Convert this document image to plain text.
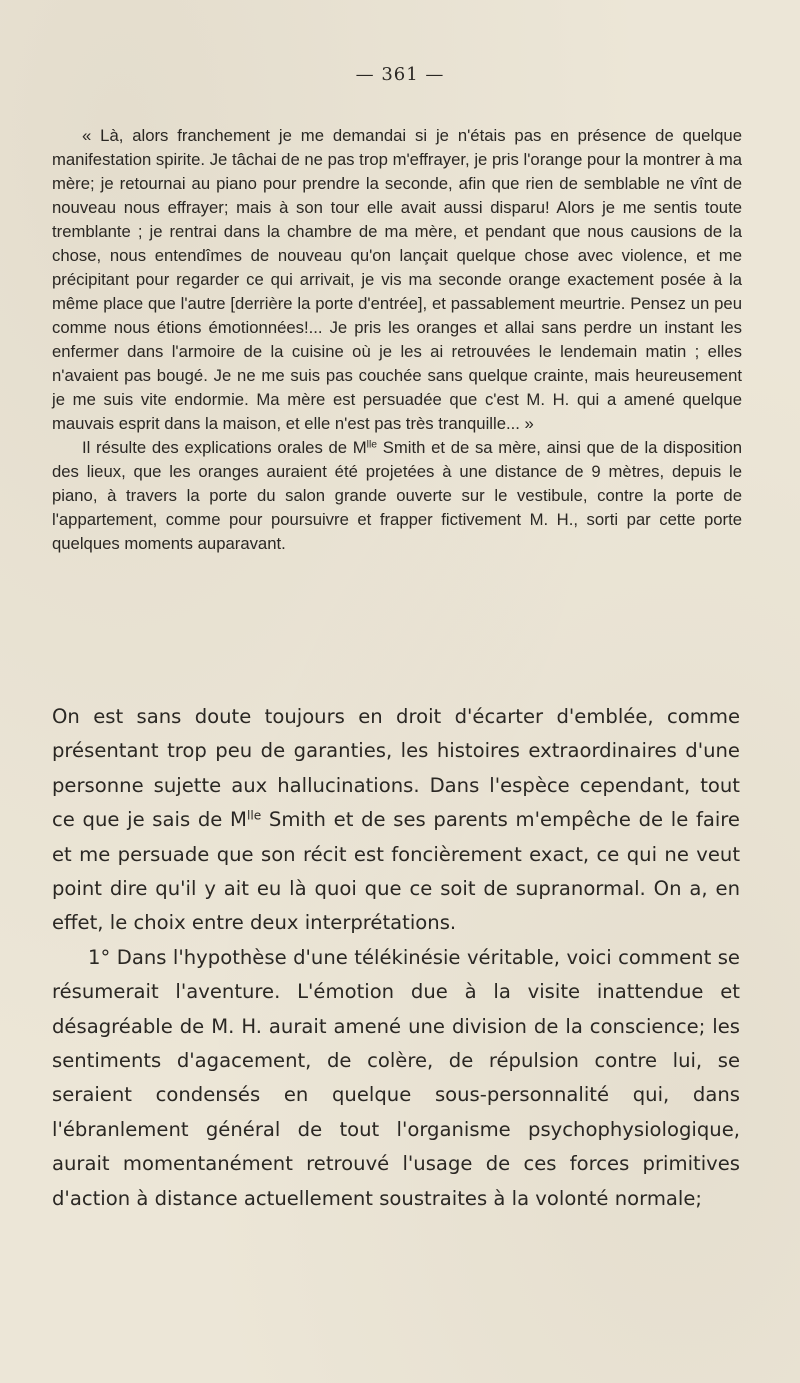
— 361 —

« Là, alors franchement je me demandai si je n'étais pas en présence de quelque manifestation spirite. Je tâchai de ne pas trop m'effrayer, je pris l'orange pour la montrer à ma mère; je retournai au piano pour prendre la seconde, afin que rien de semblable ne vînt de nouveau nous effrayer; mais à son tour elle avait aussi disparu! Alors je me sentis toute tremblante ; je rentrai dans la chambre de ma mère, et pendant que nous causions de la chose, nous entendîmes de nouveau qu'on lançait quelque chose avec violence, et me précipitant pour regarder ce qui arrivait, je vis ma seconde orange exactement posée à la même place que l'autre [derrière la porte d'entrée], et passablement meurtrie. Pensez un peu comme nous étions émotionnées!... Je pris les oranges et allai sans perdre un instant les enfermer dans l'armoire de la cuisine où je les ai retrouvées le lendemain matin ; elles n'avaient pas bougé. Je ne me suis pas couchée sans quelque crainte, mais heureusement je me suis vite endormie. Ma mère est persuadée que c'est M. H. qui a amené quelque mauvais esprit dans la maison, et elle n'est pas très tranquille... »

Il résulte des explications orales de $M^{lle}$ Smith et de sa mère, ainsi que de la disposition des lieux, que les oranges auraient été projetées à une distance de 9 mètres, depuis le piano, à travers la porte du salon grande ouverte sur le vestibule, contre la porte de l'appartement, comme pour poursuivre et frapper fictivement M. H., sorti par cette porte quelques moments auparavant.

On est sans doute toujours en droit d'écarter d'emblée, comme présentant trop peu de garanties, les histoires extraordinaires d'une personne sujette aux hallucinations. Dans l'espèce cependant, tout ce que je sais de $M^{lle}$ Smith et de ses parents m'empêche de le faire et me persuade que son récit est foncièrement exact, ce qui ne veut point dire qu'il y ait eu là quoi que ce soit de supranormal. On a, en effet, le choix entre deux interprétations.

1° Dans l'hypothèse d'une télékinésie véritable, voici comment se résumerait l'aventure. L'émotion due à la visite inattendue et désagréable de M. H. aurait amené une division de la conscience; les sentiments d'agacement, de colère, de répulsion contre lui, se seraient condensés en quelque sous-personnalité qui, dans l'ébranlement général de tout l'organisme psychophysiologique, aurait momentanément retrouvé l'usage de ces forces primitives d'action à distance actuellement soustraites à la volonté normale;
